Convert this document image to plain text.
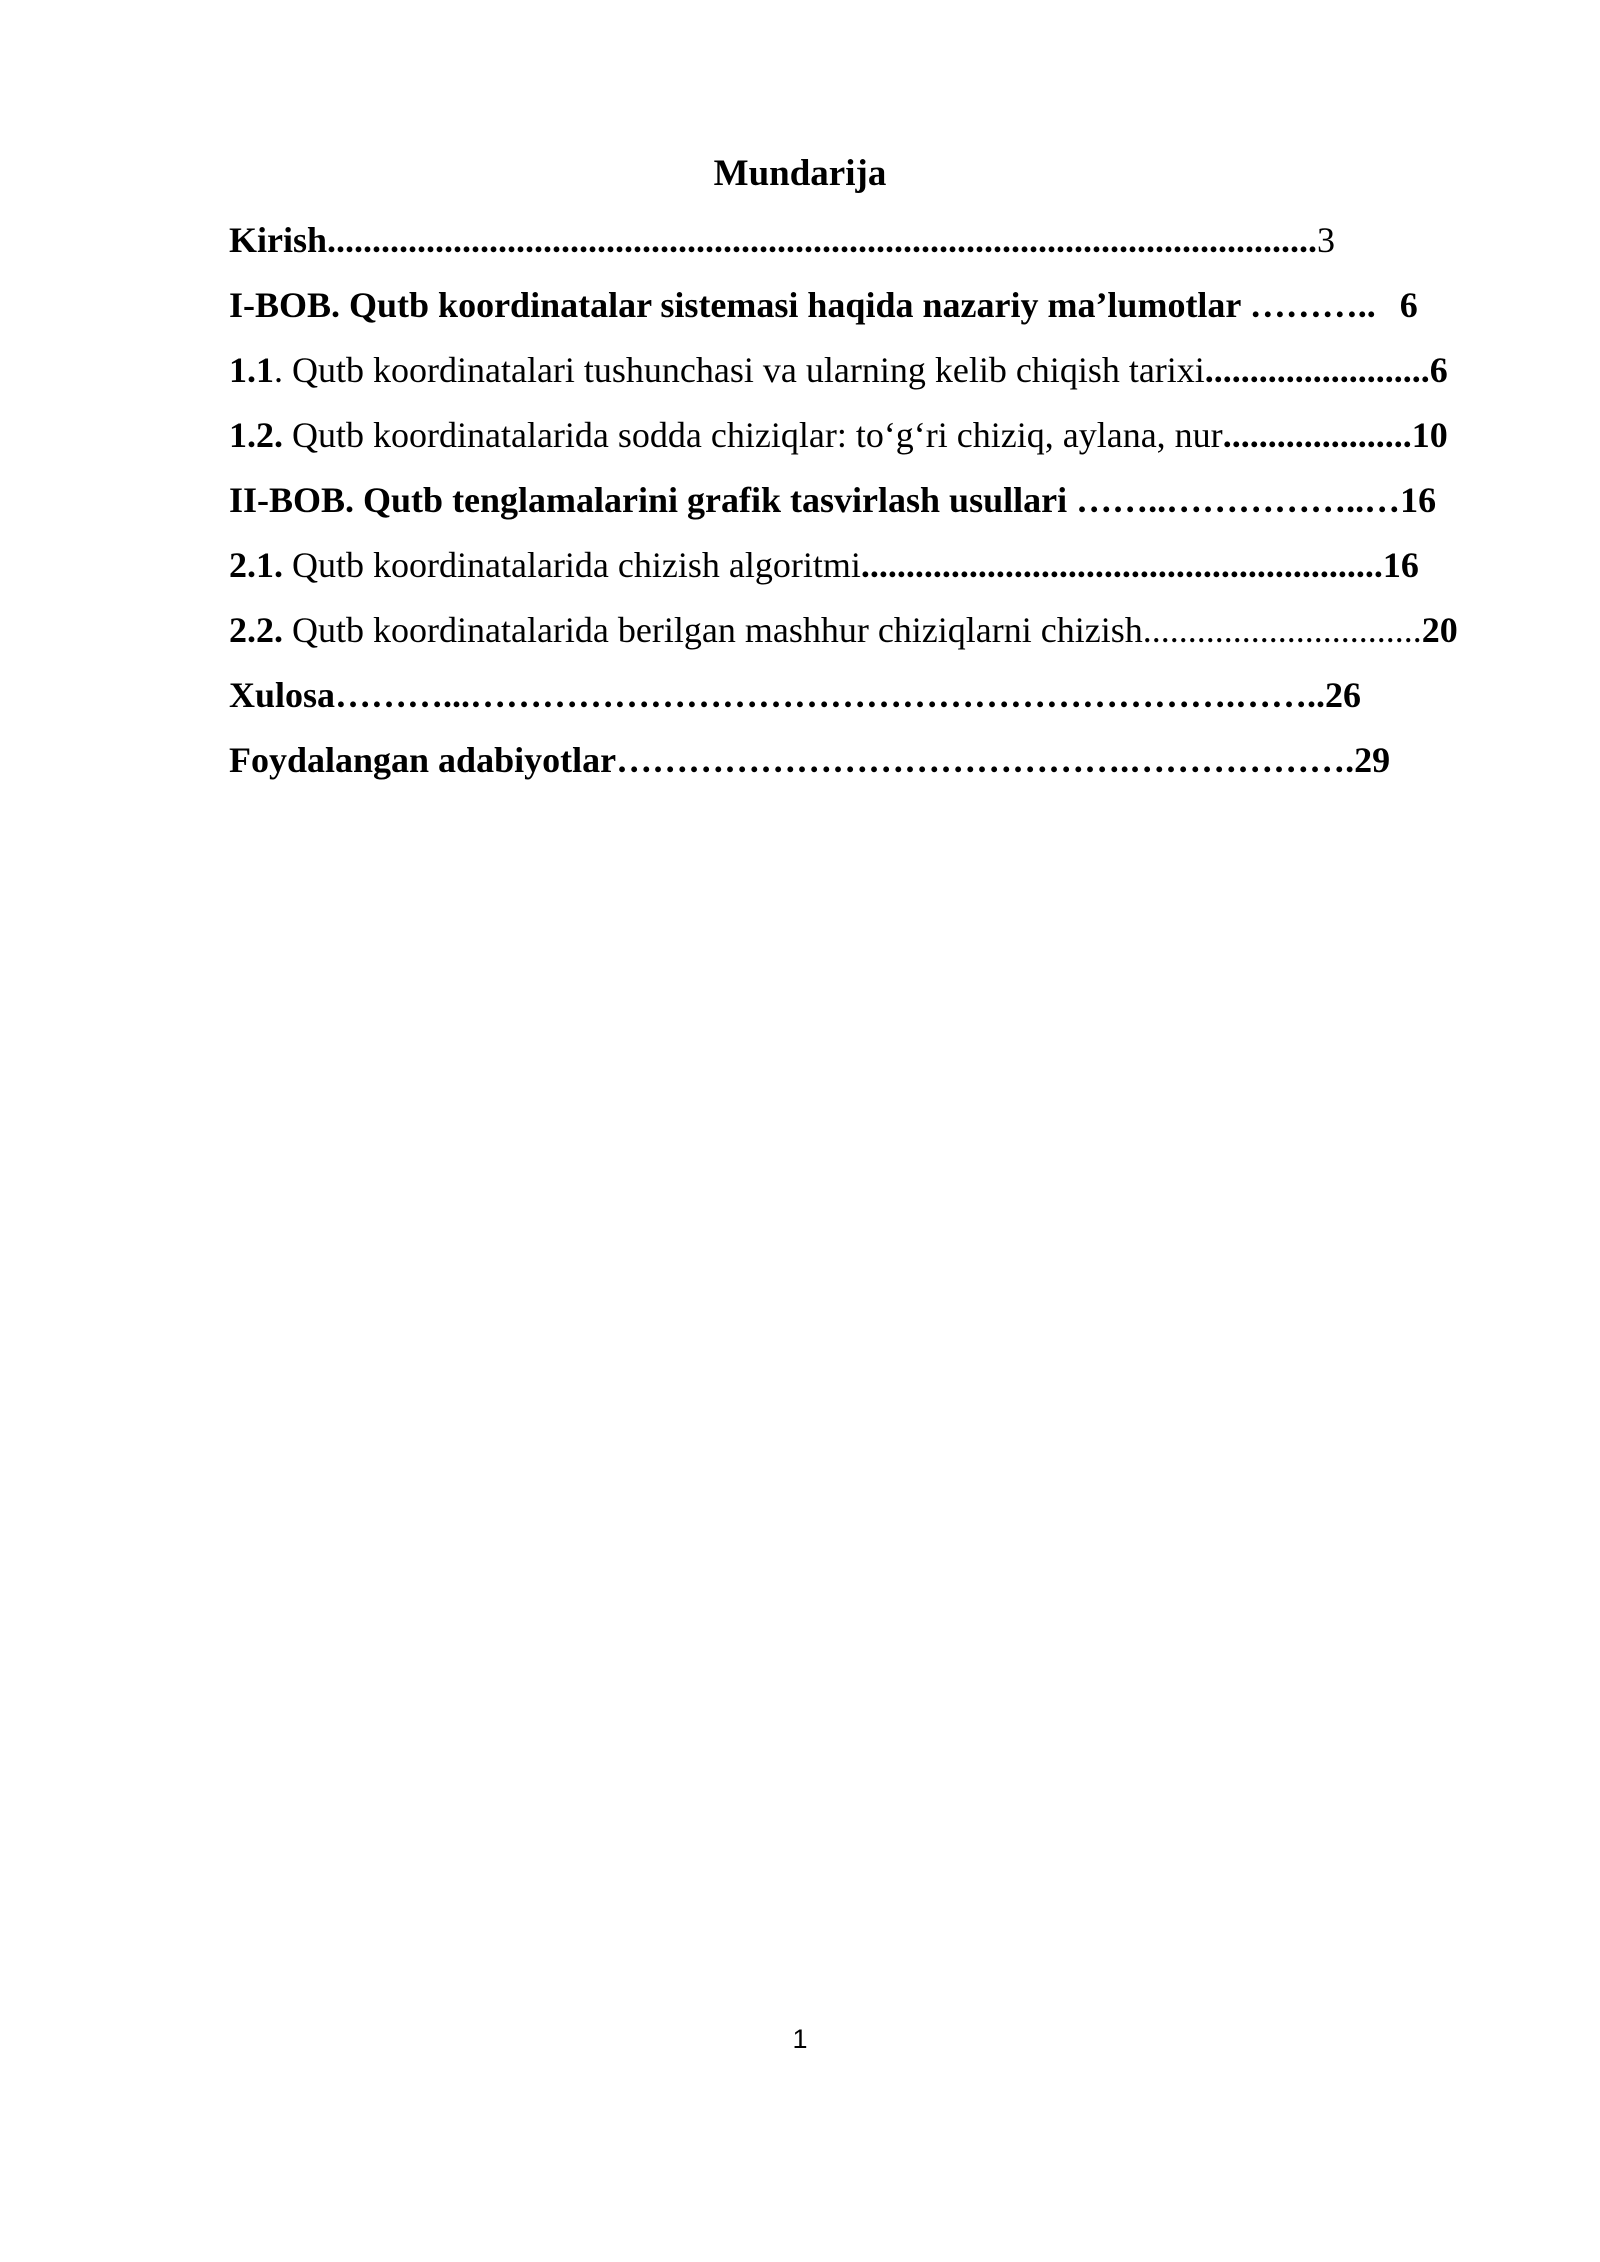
Mundarija
Kirish..............................................................................................................3
I-BOB. Qutb koordinatalar sistemasi haqida nazariy ma’lumotlar ……….. 6
1.1. Qutb koordinatalari tushunchasi va ularning kelib chiqish tarixi.........................6
1.2. Qutb koordinatalarida sodda chiziqlar: to‘g‘ri chiziq, aylana, nur.....................10
II-BOB. Qutb tenglamalarini grafik tasvirlash usullari ……..……………..…16
2.1. Qutb koordinatalarida chizish algoritmi..........................................................16
2.2. Qutb koordinatalarida berilgan mashhur chiziqlarni chizish...............................20
Xulosa………...……………………………………………………….……..26
Foydalangan adabiyotlar…………………………………….……………….29
1
